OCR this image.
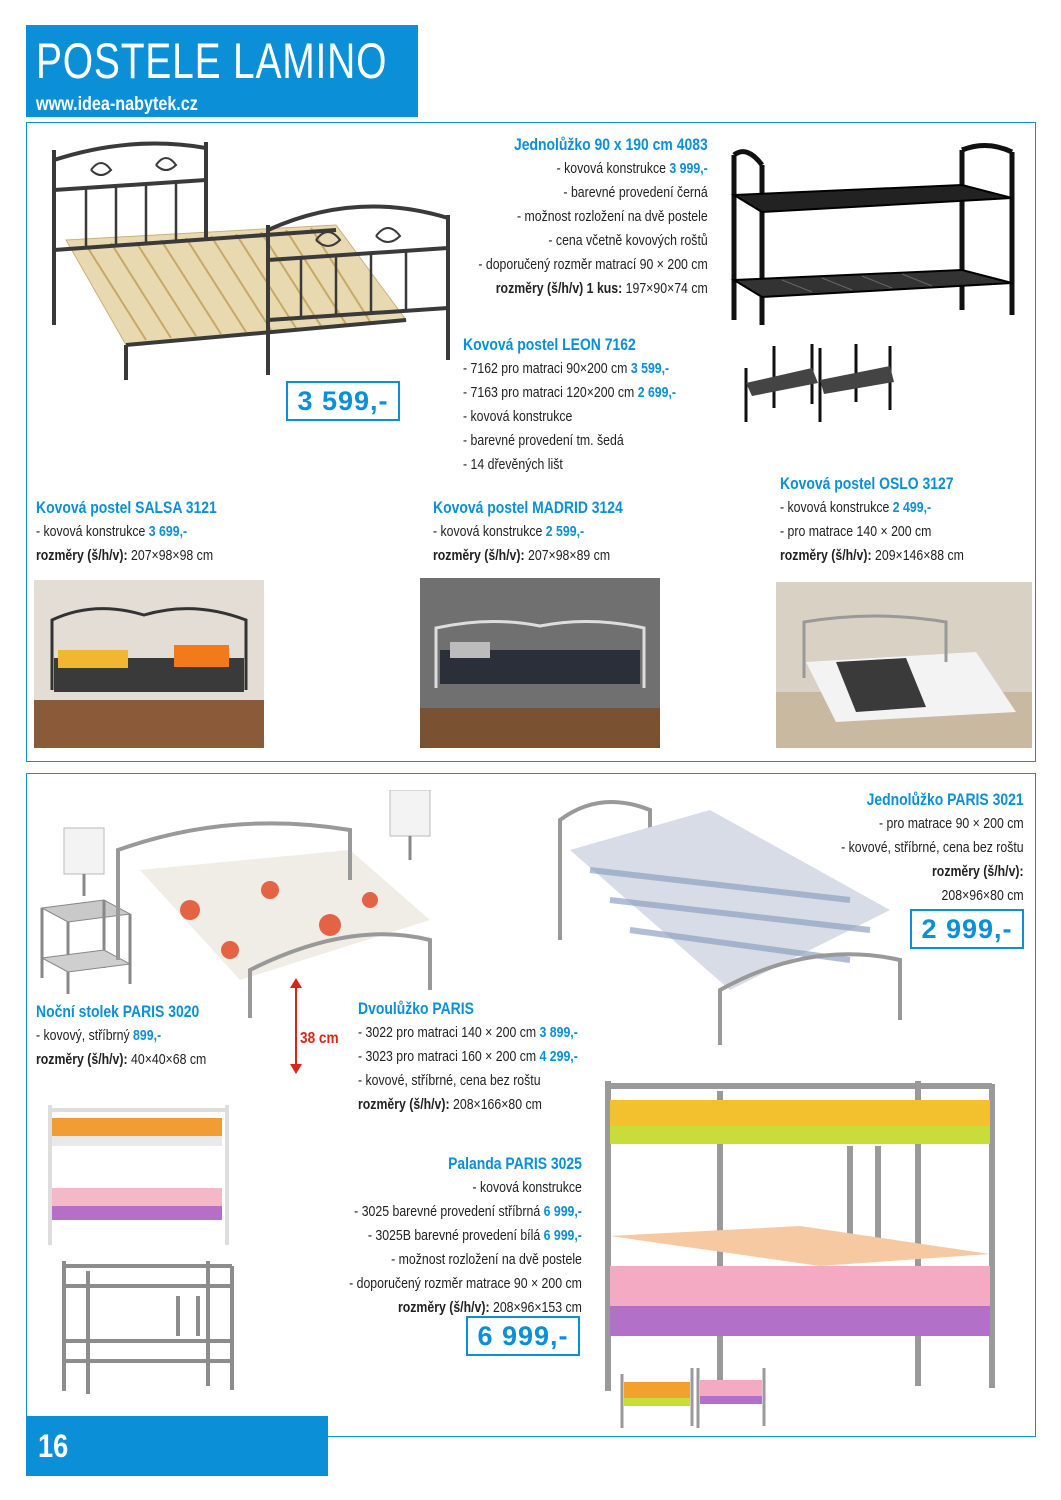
POSTELE LAMINO
www.idea-nabytek.cz
38 cm
Jednolůžko 90 x 190 cm 4083
- kovová konstrukce 3 999,-
- barevné provedení černá
- možnost rozložení na dvě postele
- cena včetně kovových roštů
- doporučený rozměr matrací 90 × 200 cm
rozměry (š/h/v) 1 kus: 197×90×74 cm
Kovová postel LEON 7162
- 7162 pro matraci 90×200 cm 3 599,-
- 7163 pro matraci 120×200 cm 2 699,-
- kovová konstrukce
- barevné provedení tm. šedá
- 14 dřevěných lišt
3 599,-
Kovová postel SALSA 3121
- kovová konstrukce 3 699,-
rozměry (š/h/v): 207×98×98 cm
Kovová postel MADRID 3124
- kovová konstrukce 2 599,-
rozměry (š/h/v): 207×98×89 cm
Kovová postel OSLO 3127
- kovová konstrukce 2 499,-
- pro matrace 140 × 200 cm
rozměry (š/h/v): 209×146×88 cm
Jednolůžko PARIS 3021
- pro matrace 90 × 200 cm
- kovové, stříbrné, cena bez roštu
rozměry (š/h/v):
208×96×80 cm
2 999,-
Noční stolek PARIS 3020
- kovový, stříbrný 899,-
rozměry (š/h/v): 40×40×68 cm
Dvoulůžko PARIS
- 3022 pro matraci 140 × 200 cm 3 899,-
- 3023 pro matraci 160 × 200 cm 4 299,-
- kovové, stříbrné, cena bez roštu
rozměry (š/h/v): 208×166×80 cm
Palanda PARIS 3025
- kovová konstrukce
- 3025 barevné provedení stříbrná 6 999,-
- 3025B barevné provedení bílá 6 999,-
- možnost rozložení na dvě postele
- doporučený rozměr matrace 90 × 200 cm
rozměry (š/h/v): 208×96×153 cm
6 999,-
16
